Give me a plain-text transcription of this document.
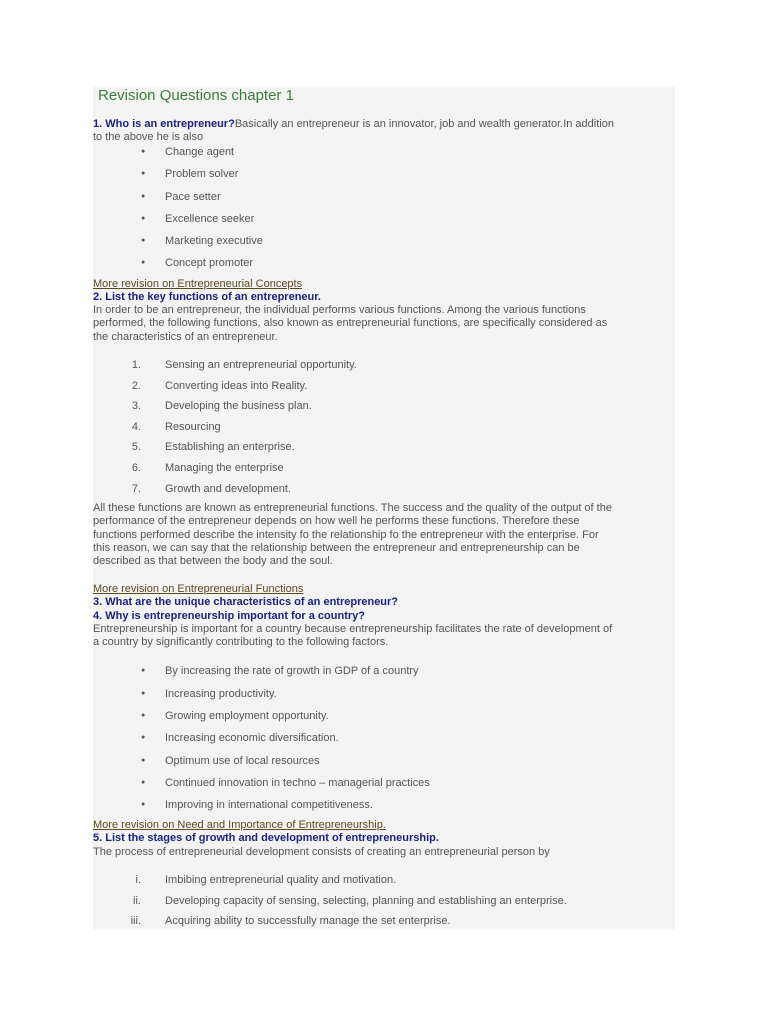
Revision Questions chapter 1
1. Who is an entrepreneur?Basically an entrepreneur is an innovator, job and wealth generator.In addition
to the above he is also
● Change agent
● Problem solver
● Pace setter
● Excellence seeker
● Marketing executive
● Concept promoter
More revision on Entrepreneurial Concepts
2. List the key functions of an entrepreneur.
In order to be an entrepreneur, the individual performs various functions. Among the various functions
performed, the following functions, also known as entrepreneurial functions, are specifically considered as
the characteristics of an entrepreneur.
1. Sensing an entrepreneurial opportunity.
2. Converting ideas into Reality.
3. Developing the business plan.
4. Resourcing
5. Establishing an enterprise.
6. Managing the enterprise
7. Growth and development.
All these functions are known as entrepreneurial functions. The success and the quality of the output of the
performance of the entrepreneur depends on how well he performs these functions. Therefore these
functions performed describe the intensity fo the relationship fo the entrepreneur with the enterprise. For
this reason, we can say that the relationship between the entrepreneur and entrepreneurship can be
described as that between the body and the soul.
More revision on Entrepreneurial Functions
3. What are the unique characteristics of an entrepreneur?
4. Why is entrepreneurship important for a country?
Entrepreneurship is important for a country because entrepreneurship facilitates the rate of development of
a country by significantly contributing to the following factors.
● By increasing the rate of growth in GDP of a country
● Increasing productivity.
● Growing employment opportunity.
● Increasing economic diversification.
● Optimum use of local resources
● Continued innovation in techno – managerial practices
● Improving in international competitiveness.
More revision on Need and Importance of Entrepreneurship.
5. List the stages of growth and development of entrepreneurship.
The process of entrepreneurial development consists of creating an entrepreneurial person by
i. Imbibing entrepreneurial quality and motivation.
ii. Developing capacity of sensing, selecting, planning and establishing an enterprise.
iii. Acquiring ability to successfully manage the set enterprise.
